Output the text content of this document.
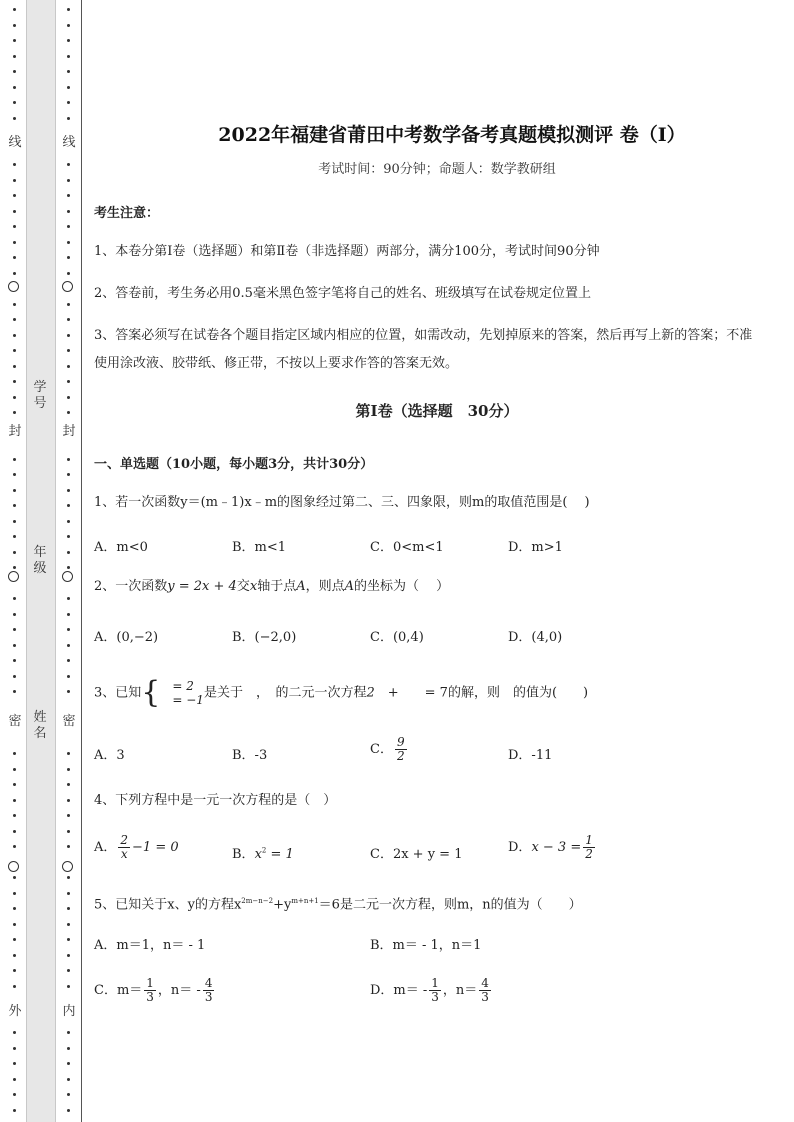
线
封
密
外
线
封
密
内
学号
年级
姓名
2022年福建省莆田中考数学备考真题模拟测评 卷（Ⅰ）
考试时间：90分钟；命题人：数学教研组
考生注意：
1、本卷分第Ⅰ卷（选择题）和第Ⅱ卷（非选择题）两部分，满分100分，考试时间90分钟
2、答卷前，考生务必用0.5毫米黑色签字笔将自己的姓名、班级填写在试卷规定位置上
3、答案必须写在试卷各个题目指定区域内相应的位置，如需改动，先划掉原来的答案，然后再写上新的答案；不准使用涂改液、胶带纸、修正带，不按以上要求作答的答案无效。
第Ⅰ卷（选择题　30分）
一、单选题（10小题，每小题3分，共计30分）
1、若一次函数y＝(m﹣1)x﹣m的图象经过第二、三、四象限，则m的取值范围是(　 )
A．m<0	B．m<1	C．0<m<1	D．m>1
2、一次函数y = 2x + 4交x轴于点A，则点A的坐标为（　 ）
A．(0,−2)	B．(−2,0)	C．(0,4)	D．(4,0)
3、已知{ 　= 2
　= −1 是关于　，　的二元一次方程2　+　　= 7的解，则　的值为(　　)
A．3	B．-3	C． $\frac{9}{2}$	D．-11
4、下列方程中是一元一次方程的是（　）
A． $\frac{2}{x} -1 = 0$	B．$x^2 = 1$	C．2x + y = 1	D．$x - 3 = \frac{1}{2}$
5、已知关于x、y的方程$x^{2m-n-2}+y^{m+n+1}=6$是二元一次方程，则m，n的值为（　　）
A．m＝1，n＝ - 1	B．m＝ - 1，n＝1
C．$m= \frac{1}{3}$ ，$n= - \frac{4}{3}$	D．$m= - \frac{1}{3}$ ，$n= \frac{4}{3}$
